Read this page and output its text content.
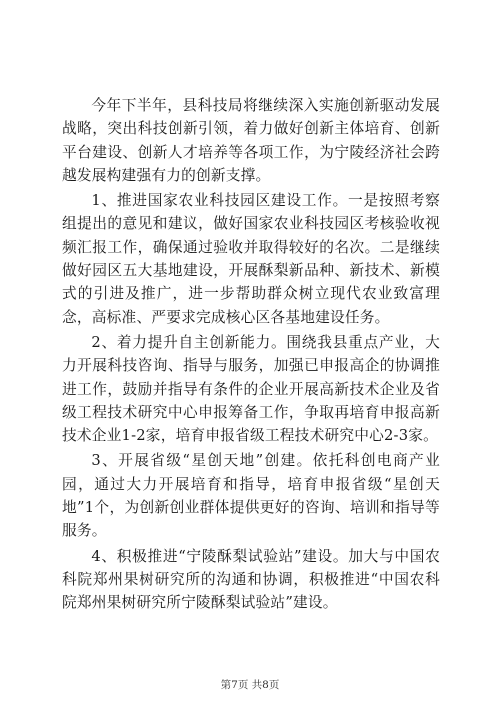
今年下半年，县科技局将继续深入实施创新驱动发展战略，突出科技创新引领，着力做好创新主体培育、创新平台建设、创新人才培养等各项工作，为宁陵经济社会跨越发展构建强有力的创新支撑。

1、推进国家农业科技园区建设工作。一是按照考察组提出的意见和建议，做好国家农业科技园区考核验收视频汇报工作，确保通过验收并取得较好的名次。二是继续做好园区五大基地建设，开展酥梨新品种、新技术、新模式的引进及推广，进一步帮助群众树立现代农业致富理念，高标准、严要求完成核心区各基地建设任务。

2、着力提升自主创新能力。围绕我县重点产业，大力开展科技咨询、指导与服务，加强已申报高企的协调推进工作，鼓励并指导有条件的企业开展高新技术企业及省级工程技术研究中心申报筹备工作，争取再培育申报高新技术企业1-2家，培育申报省级工程技术研究中心2-3家。

3、开展省级“星创天地”创建。依托科创电商产业园，通过大力开展培育和指导，培育申报省级“星创天地”1个，为创新创业群体提供更好的咨询、培训和指导等服务。

4、积极推进“宁陵酥梨试验站”建设。加大与中国农科院郑州果树研究所的沟通和协调，积极推进“中国农科院郑州果树研究所宁陵酥梨试验站”建设。

第7页 共8页
